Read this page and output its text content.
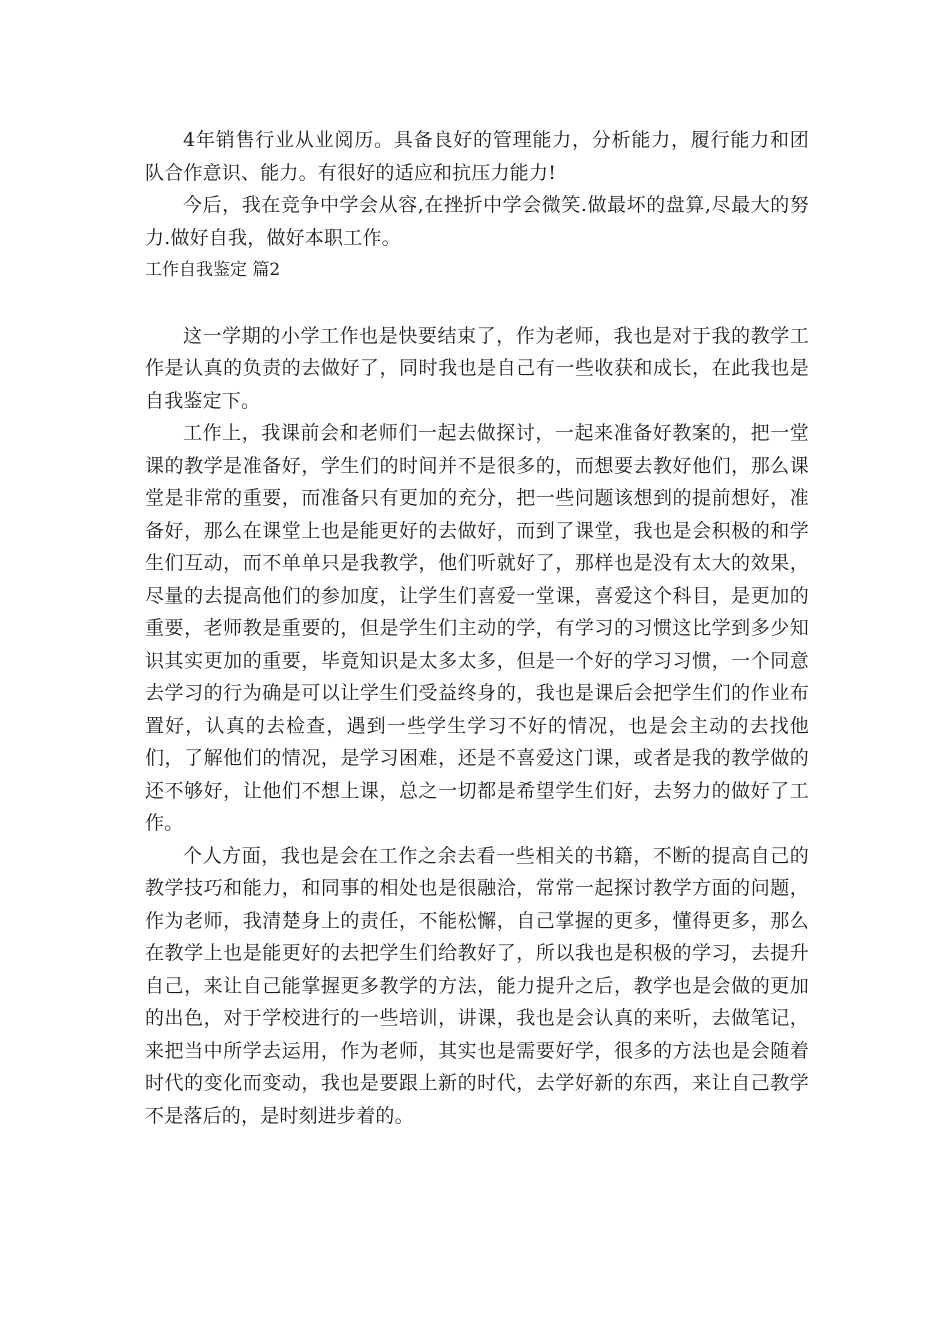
4年销售行业从业阅历。具备良好的管理能力，分析能力，履行能力和团队合作意识、能力。有很好的适应和抗压力能力!

今后，我在竞争中学会从容,在挫折中学会微笑.做最坏的盘算,尽最大的努力.做好自我，做好本职工作。

工作自我鉴定 篇2

这一学期的小学工作也是快要结束了，作为老师，我也是对于我的教学工作是认真的负责的去做好了，同时我也是自己有一些收获和成长，在此我也是自我鉴定下。

工作上，我课前会和老师们一起去做探讨，一起来准备好教案的，把一堂课的教学是准备好，学生们的时间并不是很多的，而想要去教好他们，那么课堂是非常的重要，而准备只有更加的充分，把一些问题该想到的提前想好，准备好，那么在课堂上也是能更好的去做好，而到了课堂，我也是会积极的和学生们互动，而不单单只是我教学，他们听就好了，那样也是没有太大的效果，尽量的去提高他们的参加度，让学生们喜爱一堂课，喜爱这个科目，是更加的重要，老师教是重要的，但是学生们主动的学，有学习的习惯这比学到多少知识其实更加的重要，毕竟知识是太多太多，但是一个好的学习习惯，一个同意去学习的行为确是可以让学生们受益终身的，我也是课后会把学生们的作业布置好，认真的去检查，遇到一些学生学习不好的情况，也是会主动的去找他们，了解他们的情况，是学习困难，还是不喜爱这门课，或者是我的教学做的还不够好，让他们不想上课，总之一切都是希望学生们好，去努力的做好了工作。

个人方面，我也是会在工作之余去看一些相关的书籍，不断的提高自己的教学技巧和能力，和同事的相处也是很融洽，常常一起探讨教学方面的问题，作为老师，我清楚身上的责任，不能松懈，自己掌握的更多，懂得更多，那么在教学上也是能更好的去把学生们给教好了，所以我也是积极的学习，去提升自己，来让自己能掌握更多教学的方法，能力提升之后，教学也是会做的更加的出色，对于学校进行的一些培训，讲课，我也是会认真的来听，去做笔记，来把当中所学去运用，作为老师，其实也是需要好学，很多的方法也是会随着时代的变化而变动，我也是要跟上新的时代，去学好新的东西，来让自己教学不是落后的，是时刻进步着的。
